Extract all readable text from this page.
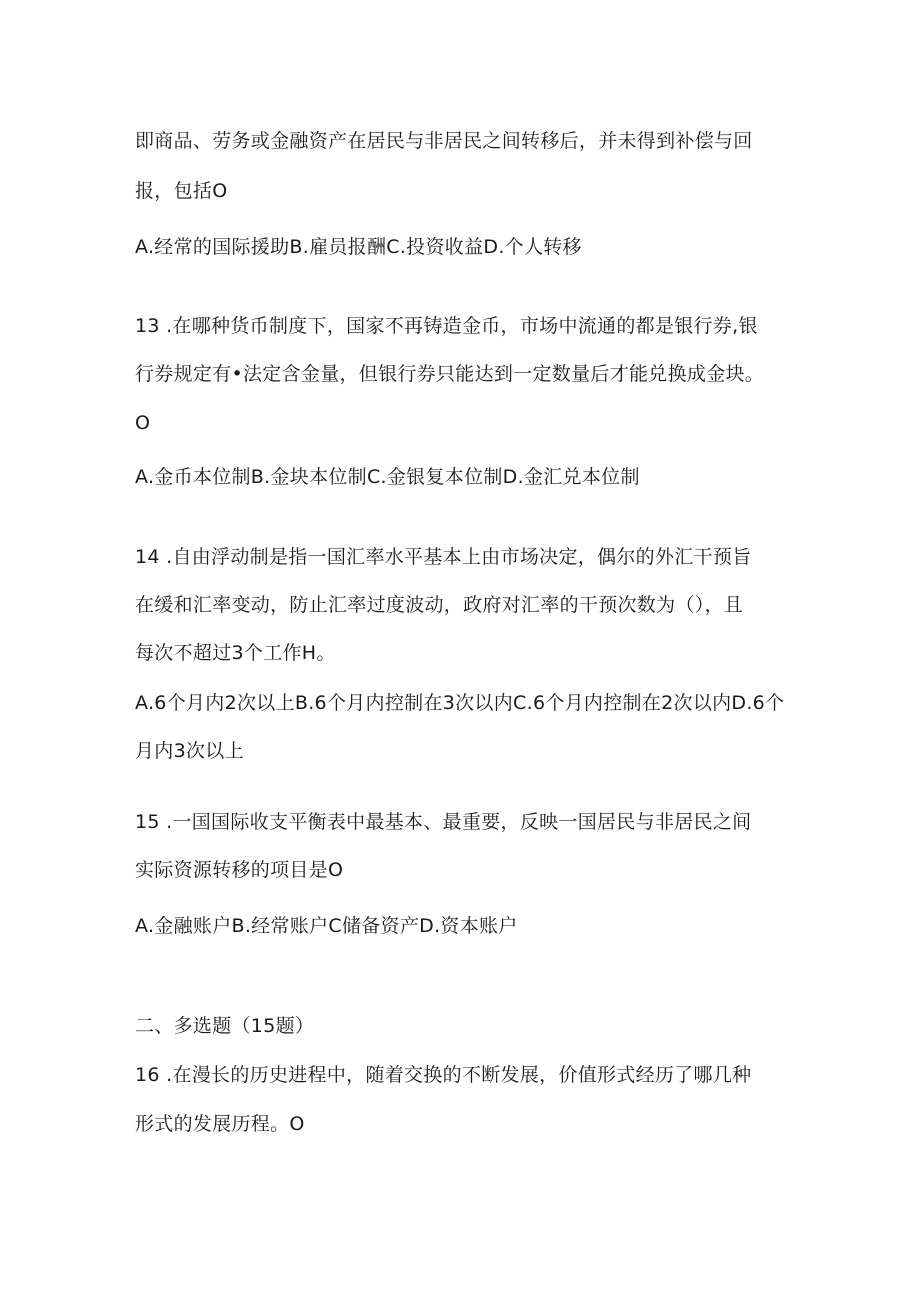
即商品、劳务或金融资产在居民与非居民之间转移后，并未得到补偿与回
报，包括O
A.经常的国际援助B.雇员报酬C.投资收益D.个人转移
13 .在哪种货币制度下，国家不再铸造金币，市场中流通的都是银行券,银
行券规定有•法定含金量，但银行券只能达到一定数量后才能兑换成金块。
O
A.金币本位制B.金块本位制C.金银复本位制D.金汇兑本位制
14 .自由浮动制是指一国汇率水平基本上由市场决定，偶尔的外汇干预旨
在缓和汇率变动，防止汇率过度波动，政府对汇率的干预次数为（），且
每次不超过3个工作H。
A.6个月内2次以上B.6个月内控制在3次以内C.6个月内控制在2次以内D.6个
月内3次以上
15 .一国国际收支平衡表中最基本、最重要，反映一国居民与非居民之间
实际资源转移的项目是O
A.金融账户B.经常账户C储备资产D.资本账户
二、多选题（15题）
16 .在漫长的历史进程中，随着交换的不断发展，价值形式经历了哪几种
形式的发展历程。O
